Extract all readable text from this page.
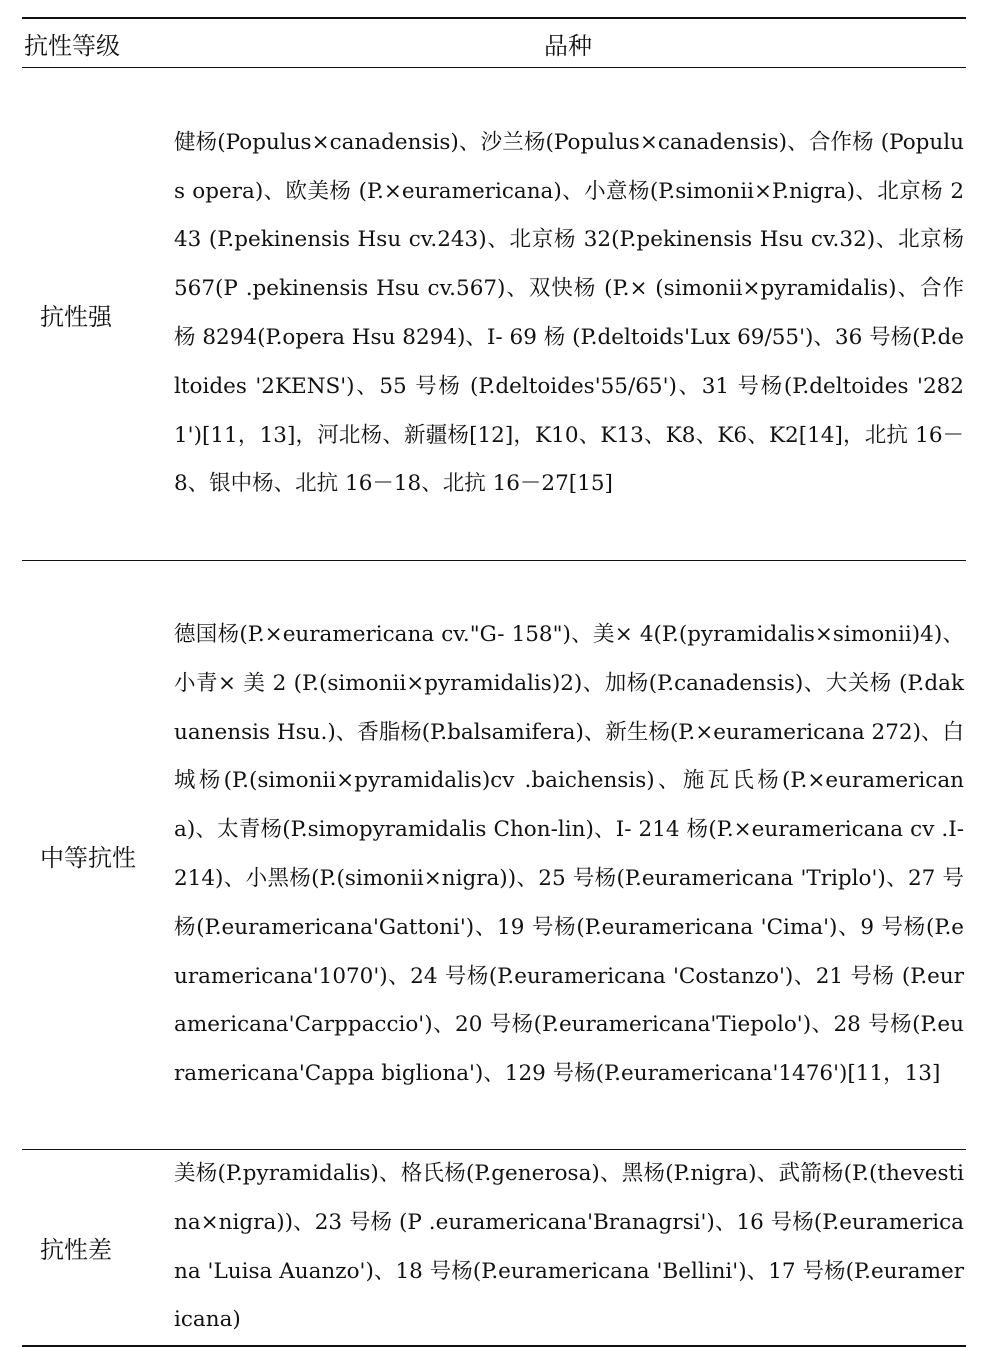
抗性等级	品种
抗性强	健杨(Populus×canadensis)、沙兰杨(Populus×canadensis)、合作杨 (Populus opera)、欧美杨 (P.×euramericana)、小意杨(P.simonii×P.nigra)、北京杨 243 (P.pekinensis Hsu cv.243)、北京杨 32(P.pekinensis Hsu cv.32)、北京杨 567(P .pekinensis Hsu cv.567)、双快杨 (P.× (simonii×pyramidalis)、合作杨 8294(P.opera Hsu 8294)、I- 69 杨 (P.deltoids'Lux 69/55')、36 号杨(P.deltoides '2KENS')、55 号杨 (P.deltoides'55/65')、31 号杨(P.deltoides '2821')[11，13]，河北杨、新疆杨[12]，K10、K13、K8、K6、K2[14]，北抗 16－8、银中杨、北抗 16－18、北抗 16－27[15]
中等抗性	德国杨(P.×euramericana cv."G- 158")、美× 4(P.(pyramidalis×simonii)4)、小青× 美 2 (P.(simonii×pyramidalis)2)、加杨(P.canadensis)、大关杨 (P.dakuanensis Hsu.)、香脂杨(P.balsamifera)、新生杨(P.×euramericana 272)、白城杨(P.(simonii×pyramidalis)cv .baichensis)、施瓦氏杨(P.×euramericana)、太青杨(P.simopyramidalis Chon-lin)、I- 214 杨(P.×euramericana cv .I- 214)、小黑杨(P.(simonii×nigra))、25 号杨(P.euramericana 'Triplo')、27 号杨(P.euramericana'Gattoni')、19 号杨(P.euramericana 'Cima')、9 号杨(P.euramericana'1070')、24 号杨(P.euramericana 'Costanzo')、21 号杨 (P.euramericana'Carppaccio')、20 号杨(P.euramericana'Tiepolo')、28 号杨(P.euramericana'Cappa bigliona')、129 号杨(P.euramericana'1476')[11，13]
抗性差	美杨(P.pyramidalis)、格氏杨(P.generosa)、黑杨(P.nigra)、武箭杨(P.(thevestina×nigra))、23 号杨 (P .euramericana'Branagrsi')、16 号杨(P.euramericana 'Luisa Auanzo')、18 号杨(P.euramericana 'Bellini')、17 号杨(P.euramericana)
